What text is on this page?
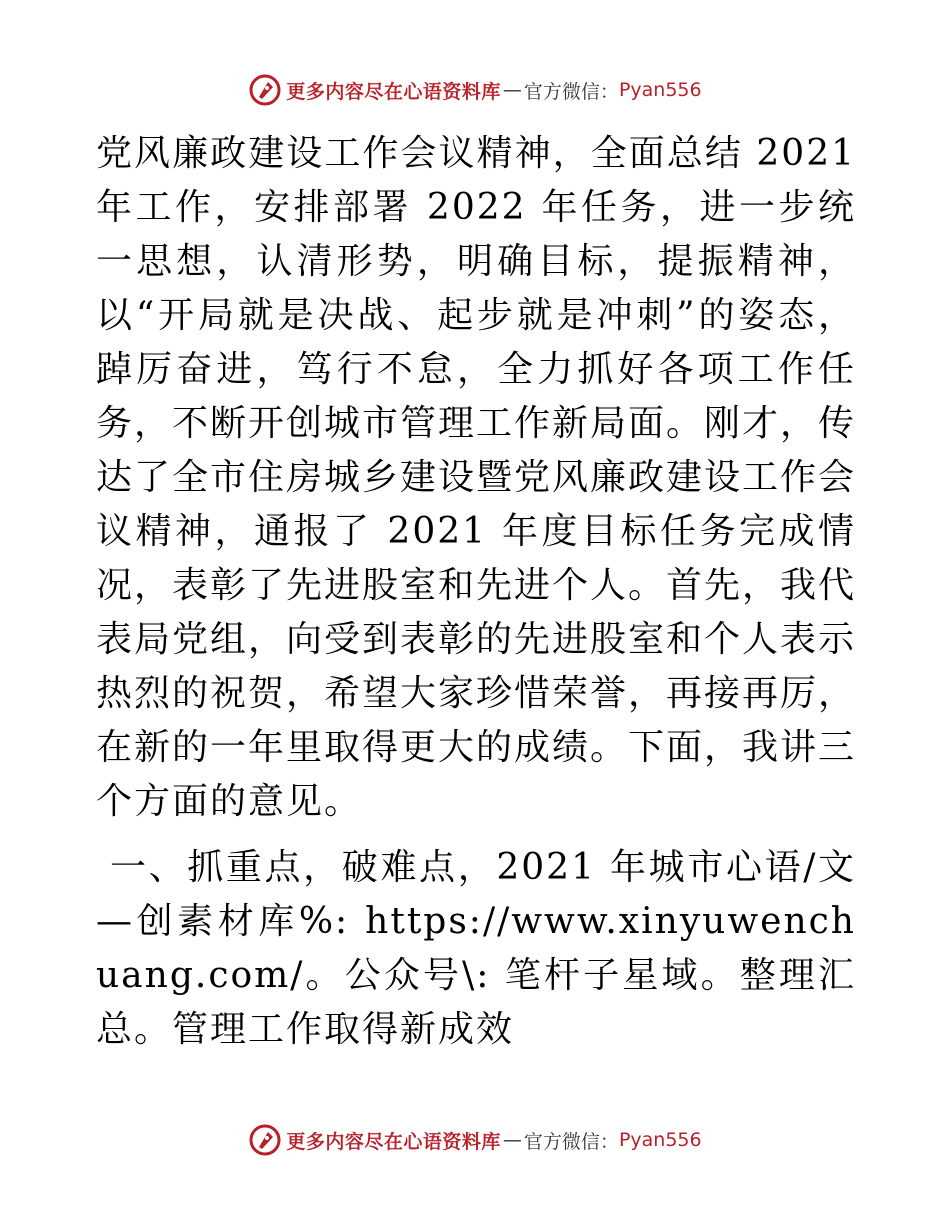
更多内容尽在心语资料库 — 官方微信： Pyan556

党风廉政建设工作会议精神，全面总结 2021 年工作，安排部署 2022 年任务，进一步统一思想，认清形势，明确目标，提振精神，以“开局就是决战、起步就是冲刺”的姿态，踔厉奋进，笃行不怠，全力抓好各项工作任务，不断开创城市管理工作新局面。刚才，传达了全市住房城乡建设暨党风廉政建设工作会议精神，通报了 2021 年度目标任务完成情况，表彰了先进股室和先进个人。首先，我代表局党组，向受到表彰的先进股室和个人表示热烈的祝贺，希望大家珍惜荣誉，再接再厉，在新的一年里取得更大的成绩。下面，我讲三个方面的意见。

一、抓重点，破难点，2021 年城市心语/文—创素材库%: https://www.xinyuwenchuang.com/。公众号\: 笔杆子星域。整理汇总。管理工作取得新成效

更多内容尽在心语资料库 — 官方微信： Pyan556
